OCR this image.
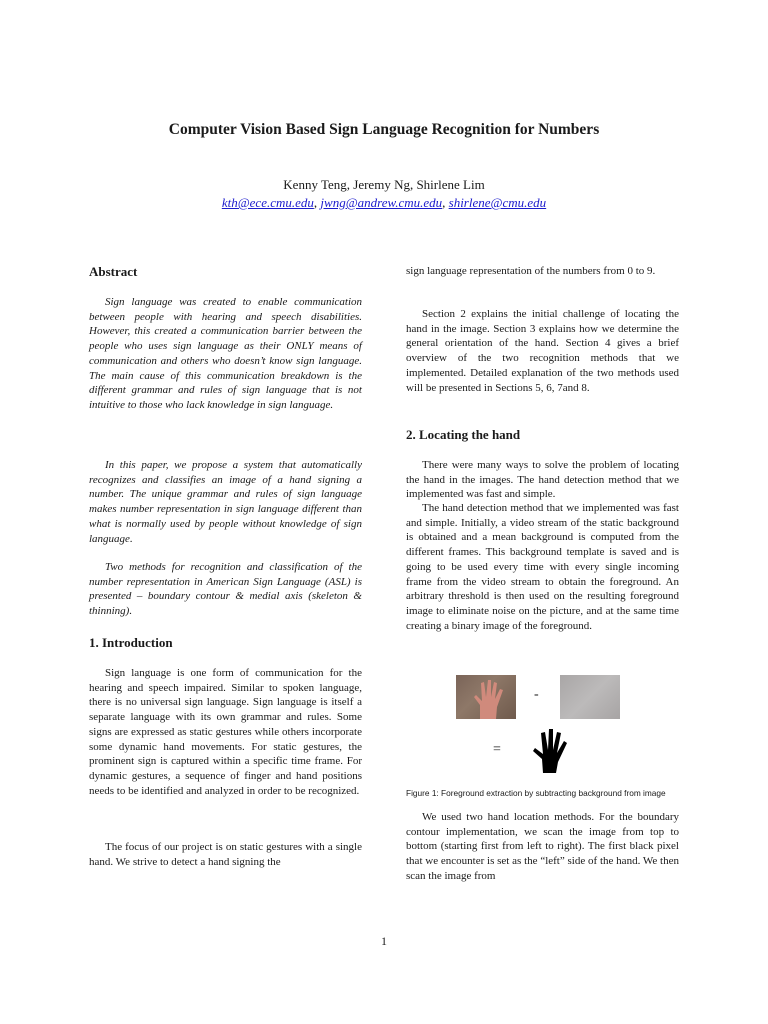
Computer Vision Based Sign Language Recognition for Numbers

Kenny Teng, Jeremy Ng, Shirlene Lim

kth@ece.cmu.edu, jwng@andrew.cmu.edu, shirlene@cmu.edu

Abstract

Sign language was created to enable communication between people with hearing and speech disabilities. However, this created a communication barrier between the people who uses sign language as their ONLY means of communication and others who doesn’t know sign language. The main cause of this communication breakdown is the different grammar and rules of sign language that is not intuitive to those who lack knowledge in sign language.

In this paper, we propose a system that automatically recognizes and classifies an image of a hand signing a number. The unique grammar and rules of sign language makes number representation in sign language different than what is normally used by people without knowledge of sign language.

Two methods for recognition and classification of the number representation in American Sign Language (ASL) is presented – boundary contour & medial axis (skeleton & thinning).

1. Introduction

Sign language is one form of communication for the hearing and speech impaired. Similar to spoken language, there is no universal sign language. Sign language is itself a separate language with its own grammar and rules. Some signs are expressed as static gestures while others incorporate some dynamic hand movements. For static gestures, the prominent sign is captured within a specific time frame. For dynamic gestures, a sequence of finger and hand positions needs to be identified and analyzed in order to be recognized.

The focus of our project is on static gestures with a single hand. We strive to detect a hand signing the

sign language representation of the numbers from 0 to 9.

Section 2 explains the initial challenge of locating the hand in the image. Section 3 explains how we determine the general orientation of the hand. Section 4 gives a brief overview of the two recognition methods that we implemented. Detailed explanation of the two methods used will be presented in Sections 5, 6, 7and 8.

2. Locating the hand

There were many ways to solve the problem of locating the hand in the images. The hand detection method that we implemented was fast and simple.

The hand detection method that we implemented was fast and simple. Initially, a video stream of the static background is obtained and a mean background is computed from the different frames. This background template is saved and is going to be used every time with every single incoming frame from the video stream to obtain the foreground. An arbitrary threshold is then used on the resulting foreground image to eliminate noise on the picture, and at the same time creating a binary image of the foreground.

We used two hand location methods. For the boundary contour implementation, we scan the image from top to bottom (starting first from left to right). The first black pixel that we encounter is set as the “left” side of the hand. We then scan the image from

-
=

Figure 1: Foreground extraction by subtracting background from image

1
